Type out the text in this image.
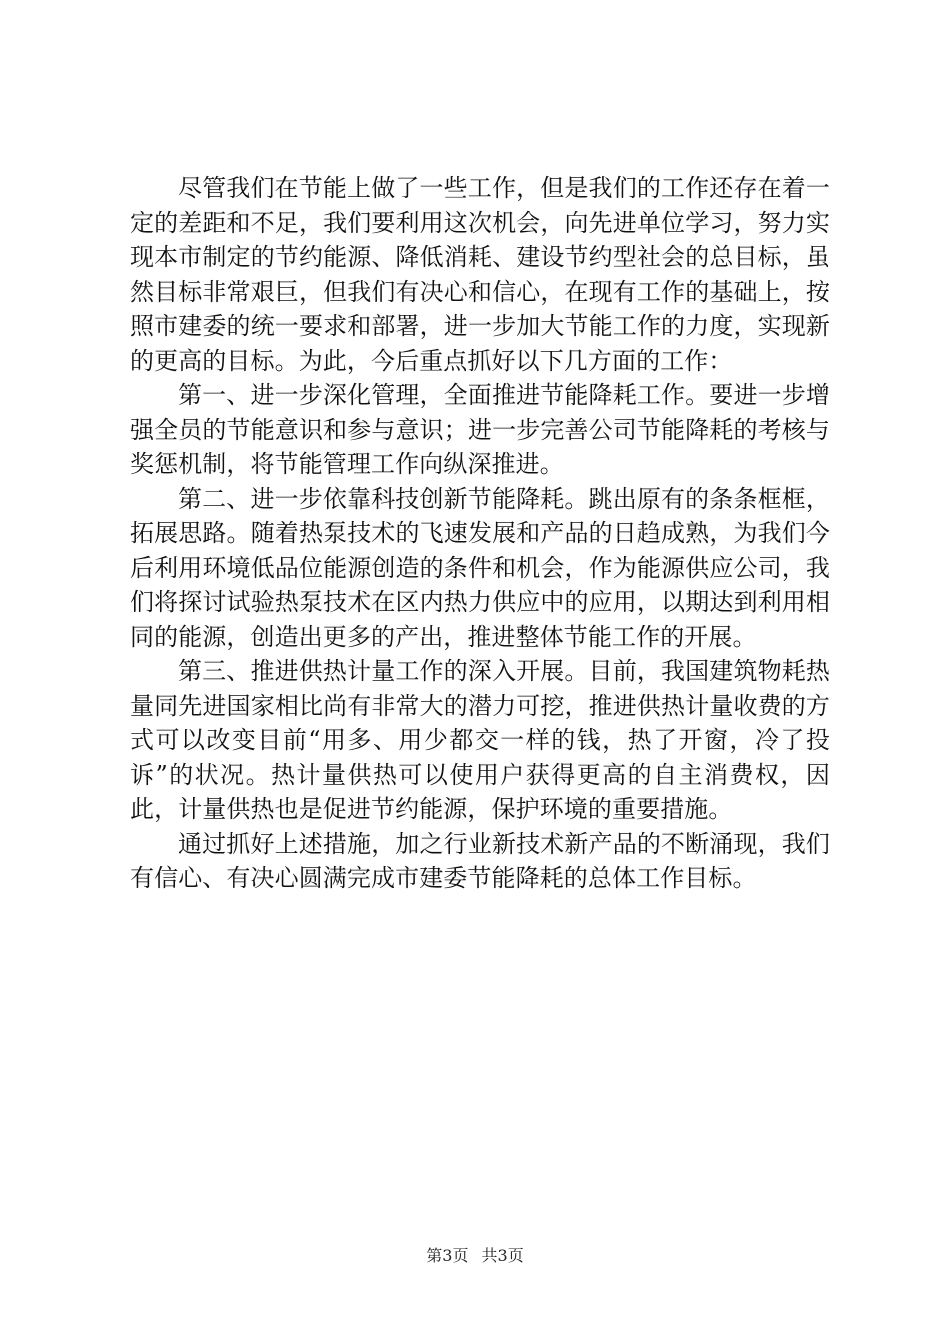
尽管我们在节能上做了一些工作，但是我们的工作还存在着一定的差距和不足，我们要利用这次机会，向先进单位学习，努力实现本市制定的节约能源、降低消耗、建设节约型社会的总目标，虽然目标非常艰巨，但我们有决心和信心，在现有工作的基础上，按照市建委的统一要求和部署，进一步加大节能工作的力度，实现新的更高的目标。为此，今后重点抓好以下几方面的工作：

第一、进一步深化管理，全面推进节能降耗工作。要进一步增强全员的节能意识和参与意识；进一步完善公司节能降耗的考核与奖惩机制，将节能管理工作向纵深推进。

第二、进一步依靠科技创新节能降耗。跳出原有的条条框框，拓展思路。随着热泵技术的飞速发展和产品的日趋成熟，为我们今后利用环境低品位能源创造的条件和机会，作为能源供应公司，我们将探讨试验热泵技术在区内热力供应中的应用，以期达到利用相同的能源，创造出更多的产出，推进整体节能工作的开展。

第三、推进供热计量工作的深入开展。目前，我国建筑物耗热量同先进国家相比尚有非常大的潜力可挖，推进供热计量收费的方式可以改变目前“用多、用少都交一样的钱，热了开窗，冷了投诉”的状况。热计量供热可以使用户获得更高的自主消费权，因此，计量供热也是促进节约能源，保护环境的重要措施。

通过抓好上述措施，加之行业新技术新产品的不断涌现，我们有信心、有决心圆满完成市建委节能降耗的总体工作目标。

第3页 共3页
